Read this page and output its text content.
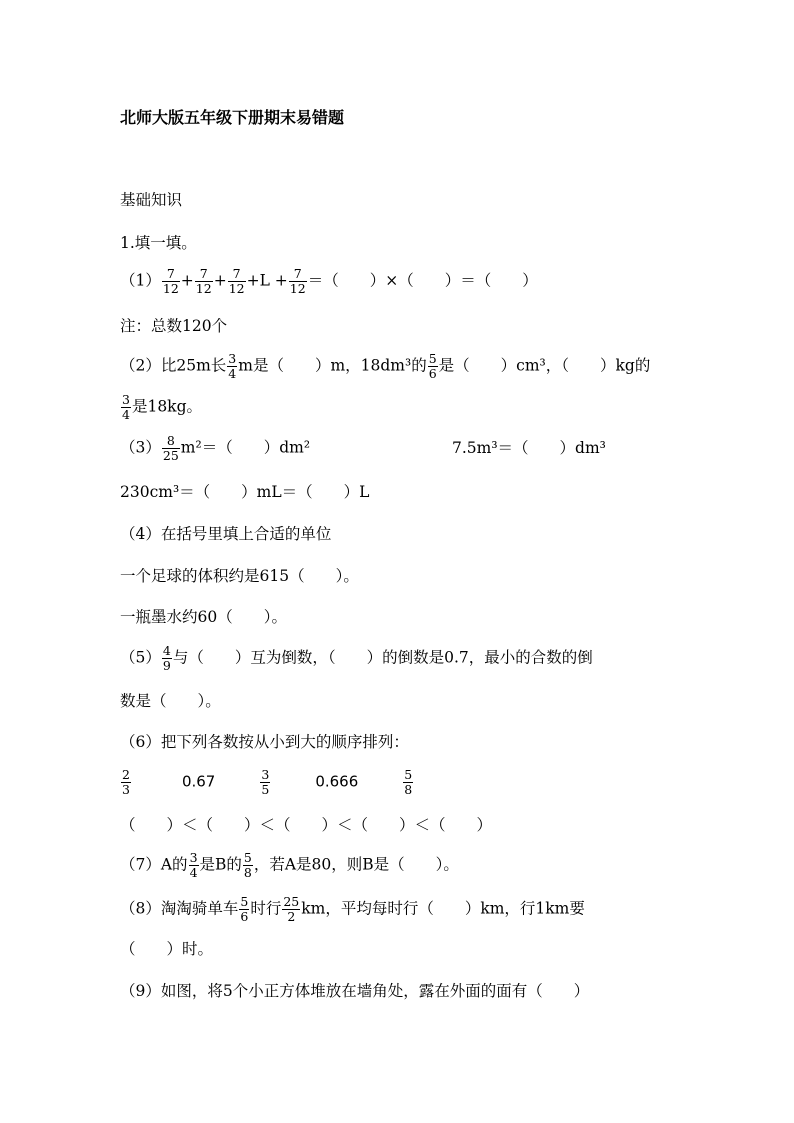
北师大版五年级下册期末易错题
基础知识
1.填一填。
$(1) \frac{7}{12} + \frac{7}{12} + \frac{7}{12} +L + \frac{7}{12}$ ＝（　　）×（　　）＝（　　）
注：总数120个
（2）比25m长 $\frac{3}{4}$ m是（　　）m，18dm³的 $\frac{5}{6}$ 是（　　）cm³，（　　）kg的
$\frac{3}{4}$ 是18kg。
$(3) \frac{8}{25} m^2=$（　　）dm²	7.5m³＝（　　）dm³
230cm³＝（　　）mL＝（　　）L
（4）在括号里填上合适的单位
一个足球的体积约是615（　　）。
一瓶墨水约60（　　）。
$(5) \frac{4}{9}$ 与（　　）互为倒数，（　　）的倒数是0.7，最小的合数的倒
数是（　　）。
（6）把下列各数按从小到大的顺序排列：
$\frac{2}{3}$	0.67	$\frac{3}{5}$	0.666	$\frac{5}{8}$
（　　）＜（　　）＜（　　）＜（　　）＜（　　）
（7）A的 $\frac{3}{4}$ 是B的 $\frac{5}{8}$ ，若A是80，则B是（　　）。
（8）淘淘骑单车 $\frac{5}{6}$ 时行 $\frac{25}{2}$ km，平均每时行（　　）km，行1km要
（　　）时。
（9）如图，将5个小正方体堆放在墙角处，露在外面的面有（　　）
